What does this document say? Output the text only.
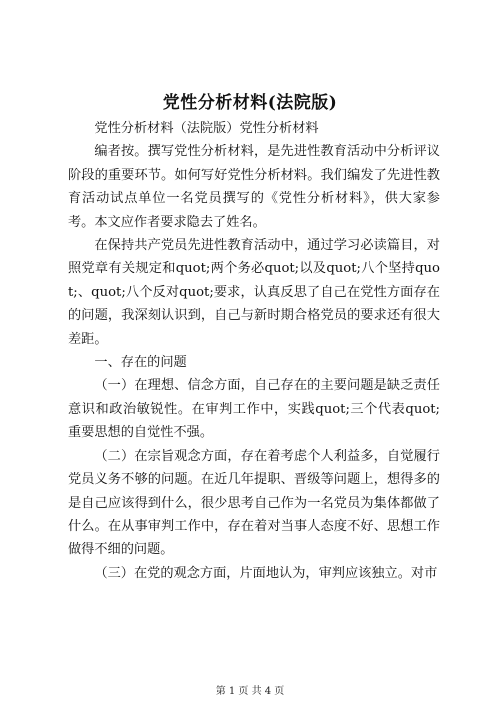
党性分析材料(法院版)

党性分析材料（法院版）党性分析材料

编者按。撰写党性分析材料，是先进性教育活动中分析评议阶段的重要环节。如何写好党性分析材料。我们编发了先进性教育活动试点单位一名党员撰写的《党性分析材料》，供大家参考。本文应作者要求隐去了姓名。

在保持共产党员先进性教育活动中，通过学习必读篇目，对照党章有关规定和quot;两个务必quot;以及quot;八个坚持quot;、quot;八个反对quot;要求，认真反思了自己在党性方面存在的问题，我深刻认识到，自己与新时期合格党员的要求还有很大差距。

一、存在的问题

（一）在理想、信念方面，自己存在的主要问题是缺乏责任意识和政治敏锐性。在审判工作中，实践quot;三个代表quot;重要思想的自觉性不强。

（二）在宗旨观念方面，存在着考虑个人利益多，自觉履行党员义务不够的问题。在近几年提职、晋级等问题上，想得多的是自己应该得到什么，很少思考自己作为一名党员为集体都做了什么。在从事审判工作中，存在着对当事人态度不好、思想工作做得不细的问题。

（三）在党的观念方面，片面地认为，审判应该独立。对市

第 1 页 共 4 页
